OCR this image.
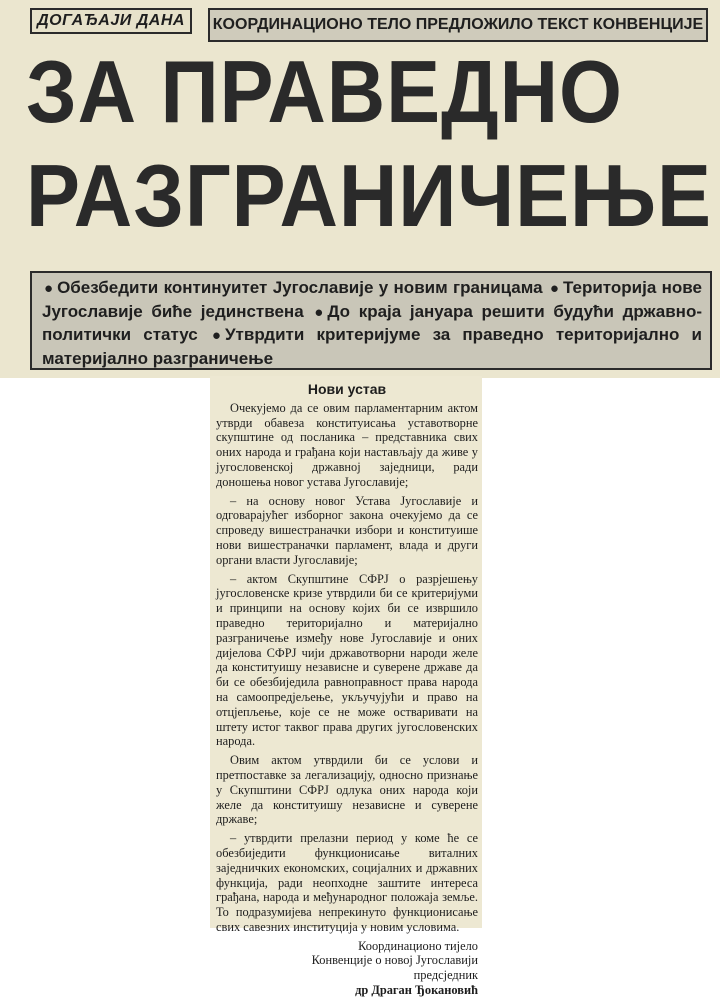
ДОГАЂАЈИ ДАНА	КООРДИНАЦИОНО ТЕЛО ПРЕДЛОЖИЛО ТЕКСТ КОНВЕНЦИЈЕ
ЗА ПРАВЕДНО
РАЗГРАНИЧЕЊЕ
● Обезбедити континуитет Југославије у новим границама ● Територија нове Југославије биће јединствена ● До краја јануара решити будући државно-политички статус ● Утврдити критеријуме за праведно територијално и материјално разграничење
Нови устав

Очекујемо да се овим парламентарним актом утврди обавеза конституисања уставотворне скупштине од посланика – представника свих оних народа и грађана који настављају да живе у југословенској државној заједници, ради доношења новог устава Југославије;

– на основу новог Устава Југославије и одговарајућег изборног закона очекујемо да се спроведу вишестраначки избори и конституише нови вишестраначки парламент, влада и други органи власти Југославије;

– актом Скупштине СФРЈ о разрјешењу југословенске кризе утврдили би се критеријуми и принципи на основу којих би се извршило праведно територијално и материјално разграничење између нове Југославије и оних дијелова СФРЈ чији државотворни народи желе да конституишу независне и суверене државе да би се обезбиједила равноправност права народа на самоопредјељење, укључујући и право на отцјепљење, које се не може остваривати на штету истог таквог права других југословенских народа.

Овим актом утврдили би се услови и претпоставке за легализацију, односно признање у Скупштини СФРЈ одлука оних народа који желе да конституишу независне и суверене државе;

– утврдити прелазни период у коме ће се обезбиједити функционисање виталних заједничких економских, социјалних и државних функција, ради неопходне заштите интереса грађана, народа и међународног положаја земље. То подразумијева непрекинуто функционисање свих савезних институција у новим условима.

Координационо тијело
Конвенције о новој Југославији
предсједник
др Драган Ђокановић
